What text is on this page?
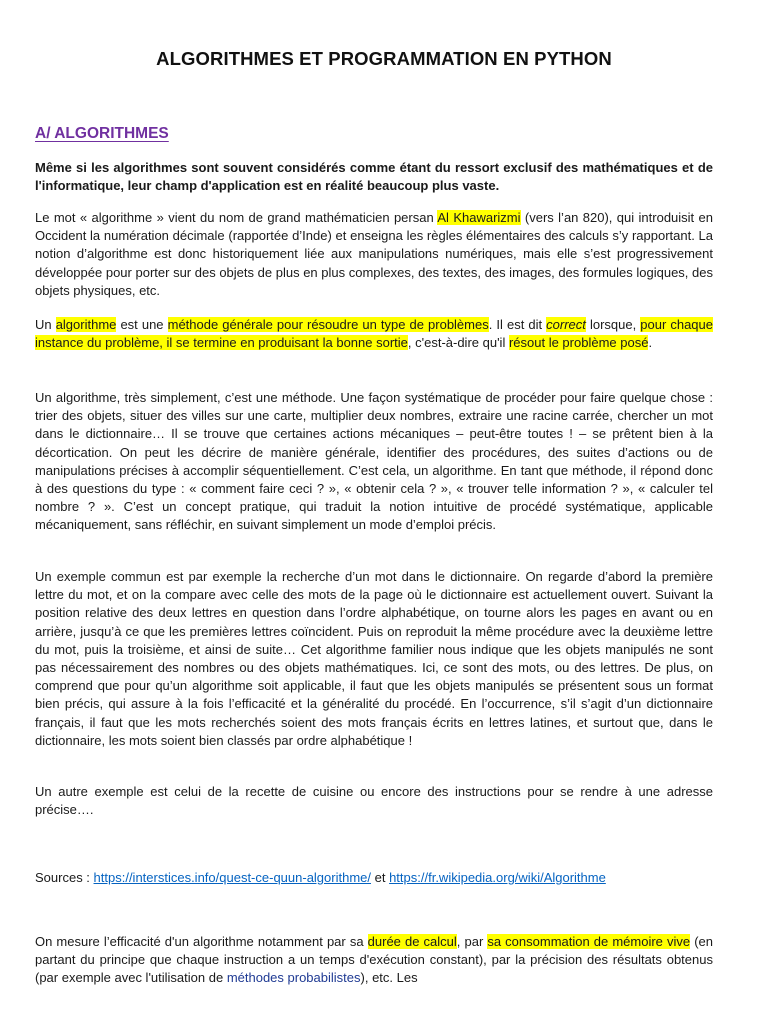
ALGORITHMES ET PROGRAMMATION EN PYTHON
A/ ALGORITHMES

Même si les algorithmes sont souvent considérés comme étant du ressort exclusif des mathématiques et de l'informatique, leur champ d'application est en réalité beaucoup plus vaste.

Le mot « algorithme » vient du nom de grand mathématicien persan Al Khawarizmi (vers l’an 820), qui introduisit en Occident la numération décimale (rapportée d’Inde) et enseigna les règles élémentaires des calculs s’y rapportant. La notion d’algorithme est donc historiquement liée aux manipulations numériques, mais elle s’est progressivement développée pour porter sur des objets de plus en plus complexes, des textes, des images, des formules logiques, des objets physiques, etc.

Un algorithme est une méthode générale pour résoudre un type de problèmes. Il est dit correct lorsque, pour chaque instance du problème, il se termine en produisant la bonne sortie, c'est-à-dire qu'il résout le problème posé.

Un algorithme, très simplement, c’est une méthode. Une façon systématique de procéder pour faire quelque chose : trier des objets, situer des villes sur une carte, multiplier deux nombres, extraire une racine carrée, chercher un mot dans le dictionnaire… Il se trouve que certaines actions mécaniques – peut-être toutes ! – se prêtent bien à la décortication. On peut les décrire de manière générale, identifier des procédures, des suites d’actions ou de manipulations précises à accomplir séquentiellement. C’est cela, un algorithme. En tant que méthode, il répond donc à des questions du type : « comment faire ceci ? », « obtenir cela ? », « trouver telle information ? », « calculer tel nombre ? ». C’est un concept pratique, qui traduit la notion intuitive de procédé systématique, applicable mécaniquement, sans réfléchir, en suivant simplement un mode d’emploi précis.

Un exemple commun est par exemple la recherche d’un mot dans le dictionnaire. On regarde d’abord la première lettre du mot, et on la compare avec celle des mots de la page où le dictionnaire est actuellement ouvert. Suivant la position relative des deux lettres en question dans l’ordre alphabétique, on tourne alors les pages en avant ou en arrière, jusqu’à ce que les premières lettres coïncident. Puis on reproduit la même procédure avec la deuxième lettre du mot, puis la troisième, et ainsi de suite… Cet algorithme familier nous indique que les objets manipulés ne sont pas nécessairement des nombres ou des objets mathématiques. Ici, ce sont des mots, ou des lettres. De plus, on comprend que pour qu’un algorithme soit applicable, il faut que les objets manipulés se présentent sous un format bien précis, qui assure à la fois l’efficacité et la généralité du procédé. En l’occurrence, s’il s’agit d’un dictionnaire français, il faut que les mots recherchés soient des mots français écrits en lettres latines, et surtout que, dans le dictionnaire, les mots soient bien classés par ordre alphabétique !

Un autre exemple est celui de la recette de cuisine ou encore des instructions pour se rendre à une adresse précise….

Sources : https://interstices.info/quest-ce-quun-algorithme/ et https://fr.wikipedia.org/wiki/Algorithme

On mesure l’efficacité d'un algorithme notamment par sa durée de calcul, par sa consommation de mémoire vive (en partant du principe que chaque instruction a un temps d'exécution constant), par la précision des résultats obtenus (par exemple avec l'utilisation de méthodes probabilistes), etc. Les
